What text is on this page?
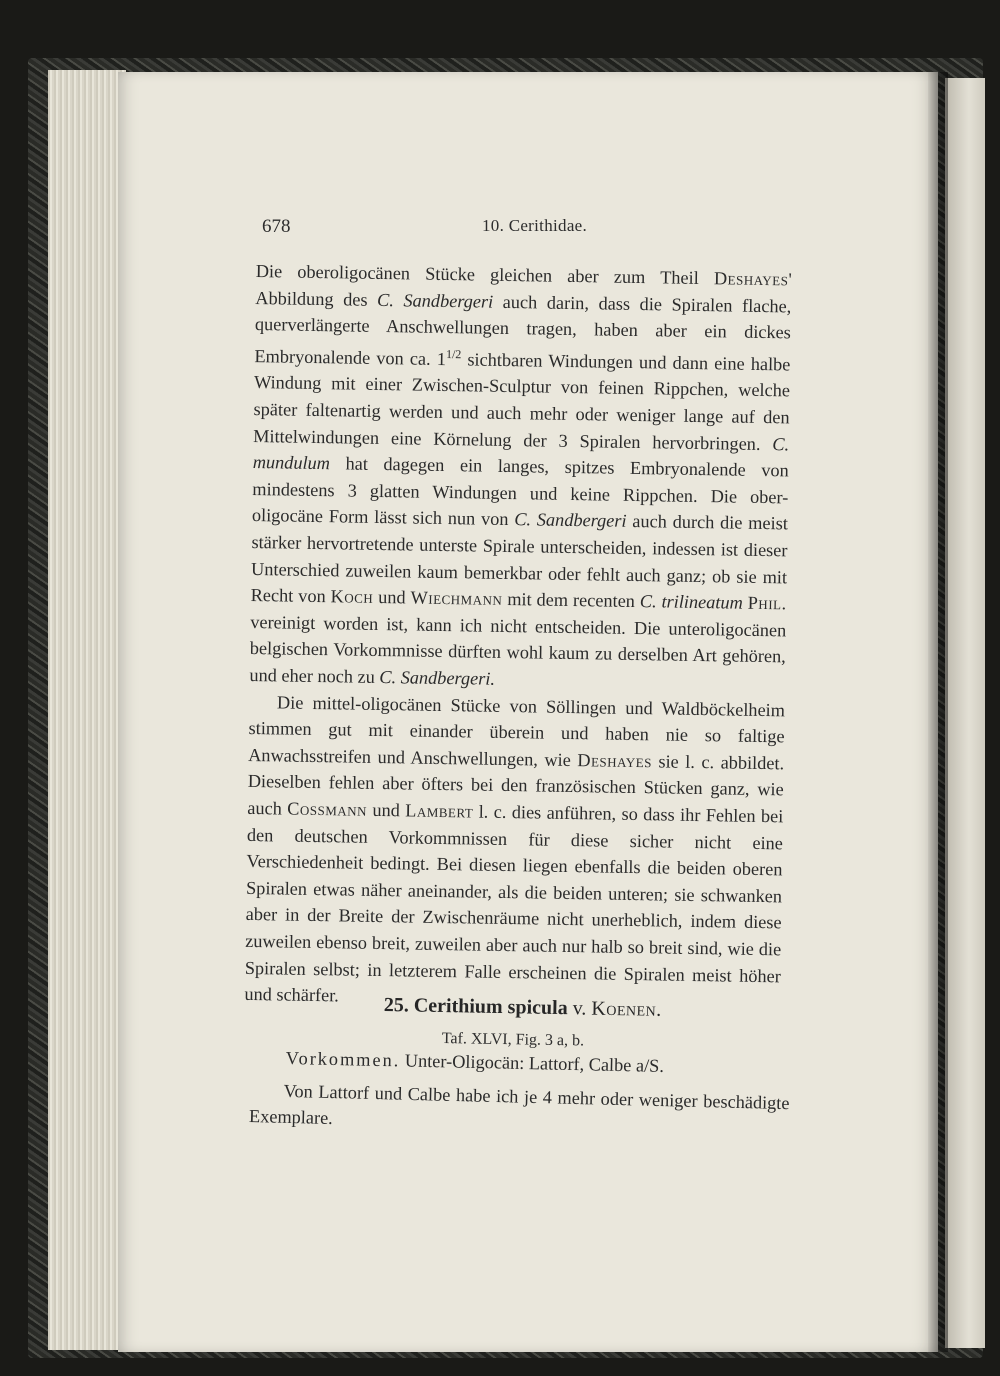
678	10. Cerithidae.

Die oberoligocänen Stücke gleichen aber zum Theil Deshayes' Abbildung des C. Sandbergeri auch darin, dass die Spiralen flache, querverlängerte Anschwellungen tragen, haben aber ein dickes Embryonalende von ca. $1^{1/2}$ sichtbaren Windungen und dann eine halbe Windung mit einer Zwischen-Sculptur von feinen Rippchen, welche später faltenartig werden und auch mehr oder weniger lange auf den Mittelwindungen eine Körnelung der 3 Spiralen hervorbringen. C. mundulum hat dagegen ein langes, spitzes Embryonalende von mindestens 3 glatten Windungen und keine Rippchen. Die ober-oligocäne Form lässt sich nun von C. Sandbergeri auch durch die meist stärker hervortretende unterste Spirale unterscheiden, indessen ist dieser Unterschied zuweilen kaum bemerkbar oder fehlt auch ganz; ob sie mit Recht von Koch und Wiechmann mit dem recenten C. trilineatum Phil. vereinigt worden ist, kann ich nicht entscheiden. Die unteroligocänen belgischen Vorkommnisse dürften wohl kaum zu derselben Art gehören, und eher noch zu C. Sandbergeri.

Die mittel-oligocänen Stücke von Söllingen und Waldböckelheim stimmen gut mit einander überein und haben nie so faltige Anwachsstreifen und Anschwellungen, wie Deshayes sie l. c. abbildet. Dieselben fehlen aber öfters bei den französischen Stücken ganz, wie auch Cossmann und Lambert l. c. dies anführen, so dass ihr Fehlen bei den deutschen Vorkommnissen für diese sicher nicht eine Verschiedenheit bedingt. Bei diesen liegen ebenfalls die beiden oberen Spiralen etwas näher aneinander, als die beiden unteren; sie schwanken aber in der Breite der Zwischenräume nicht unerheblich, indem diese zuweilen ebenso breit, zuweilen aber auch nur halb so breit sind, wie die Spiralen selbst; in letzterem Falle erscheinen die Spiralen meist höher und schärfer.	25. Cerithium spicula v. Koenen.
Taf. XLVI, Fig. 3 a, b.
Vorkommen. Unter-Oligocän: Lattorf, Calbe a/S.
Von Lattorf und Calbe habe ich je 4 mehr oder weniger beschädigte Exemplare.
